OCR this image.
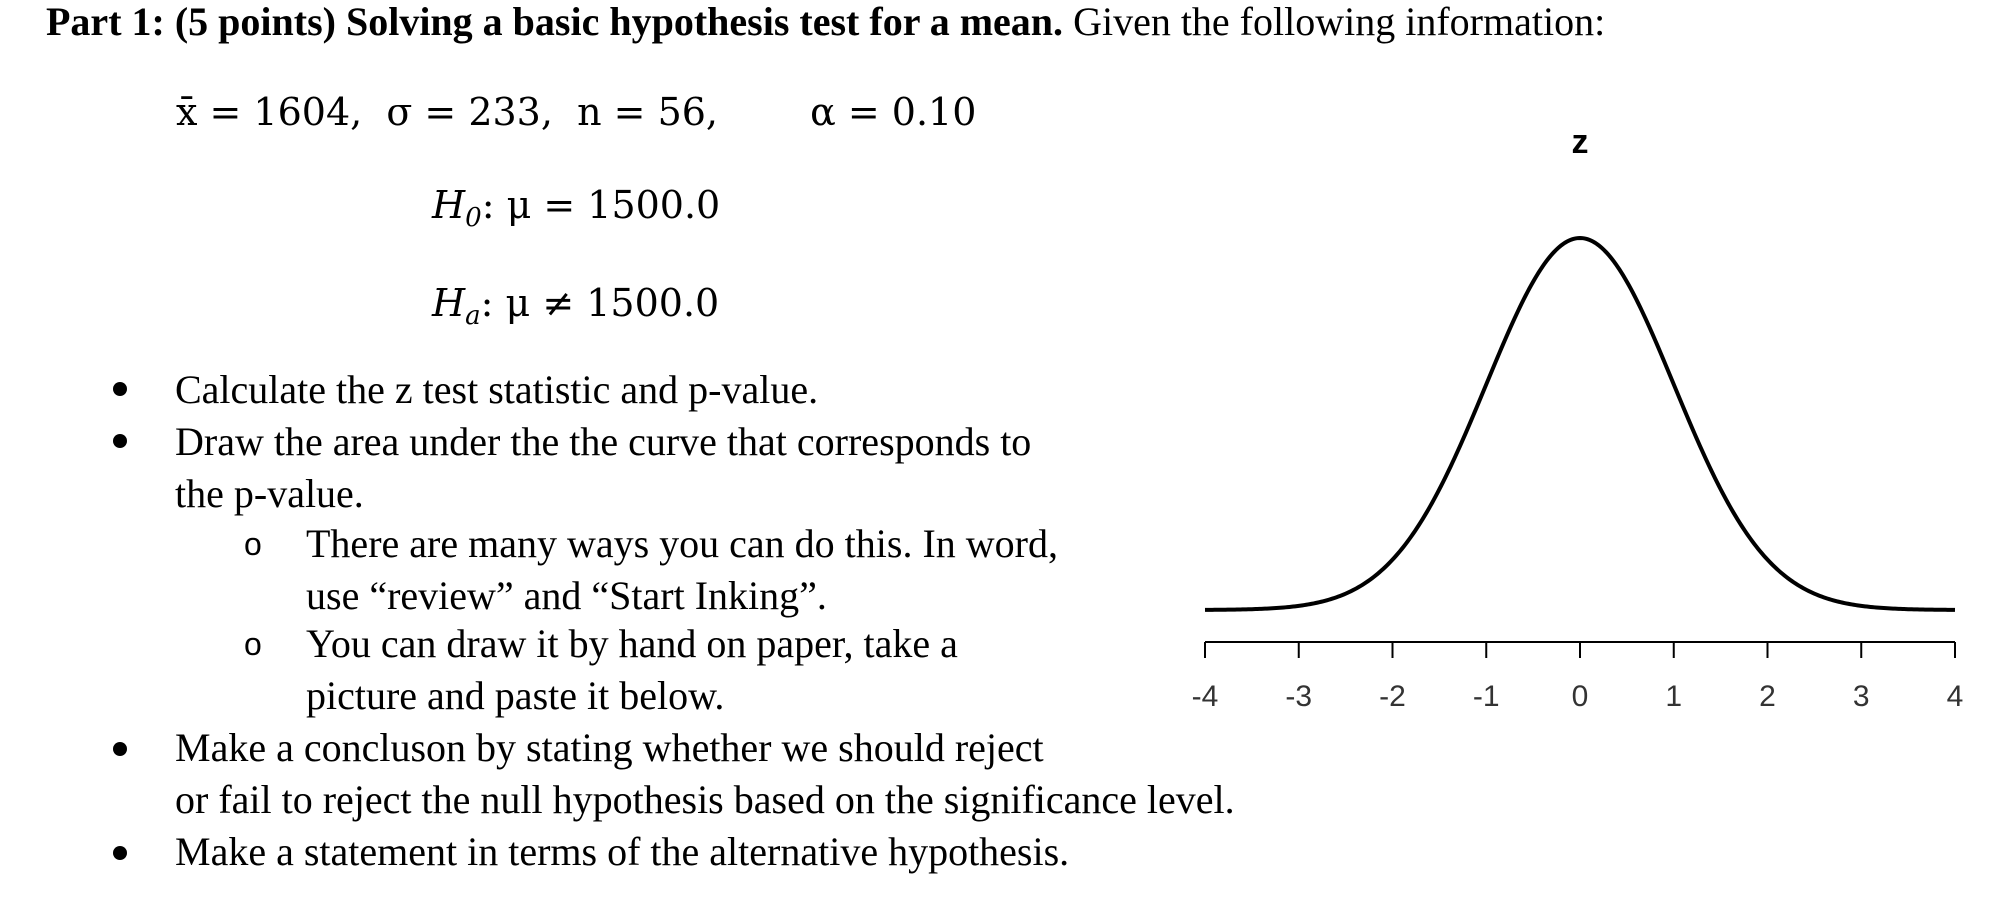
Part 1: (5 points) Solving a basic hypothesis test for a mean. Given the following information:
x̄ = 1604, σ = 233, n = 56, α = 0.10
$H_0$: μ = 1500.0
$H_a$: μ ≠ 1500.0
Calculate the z test statistic and p-value.
Draw the area under the the curve that corresponds to
the p-value.
o There are many ways you can do this. In word,
use “review” and “Start Inking”.
o You can draw it by hand on paper, take a
picture and paste it below.
Make a concluson by stating whether we should reject
or fail to reject the null hypothesis based on the significance level.
Make a statement in terms of the alternative hypothesis.
z
-4 -3 -2 -1 0	1	2	3	4
